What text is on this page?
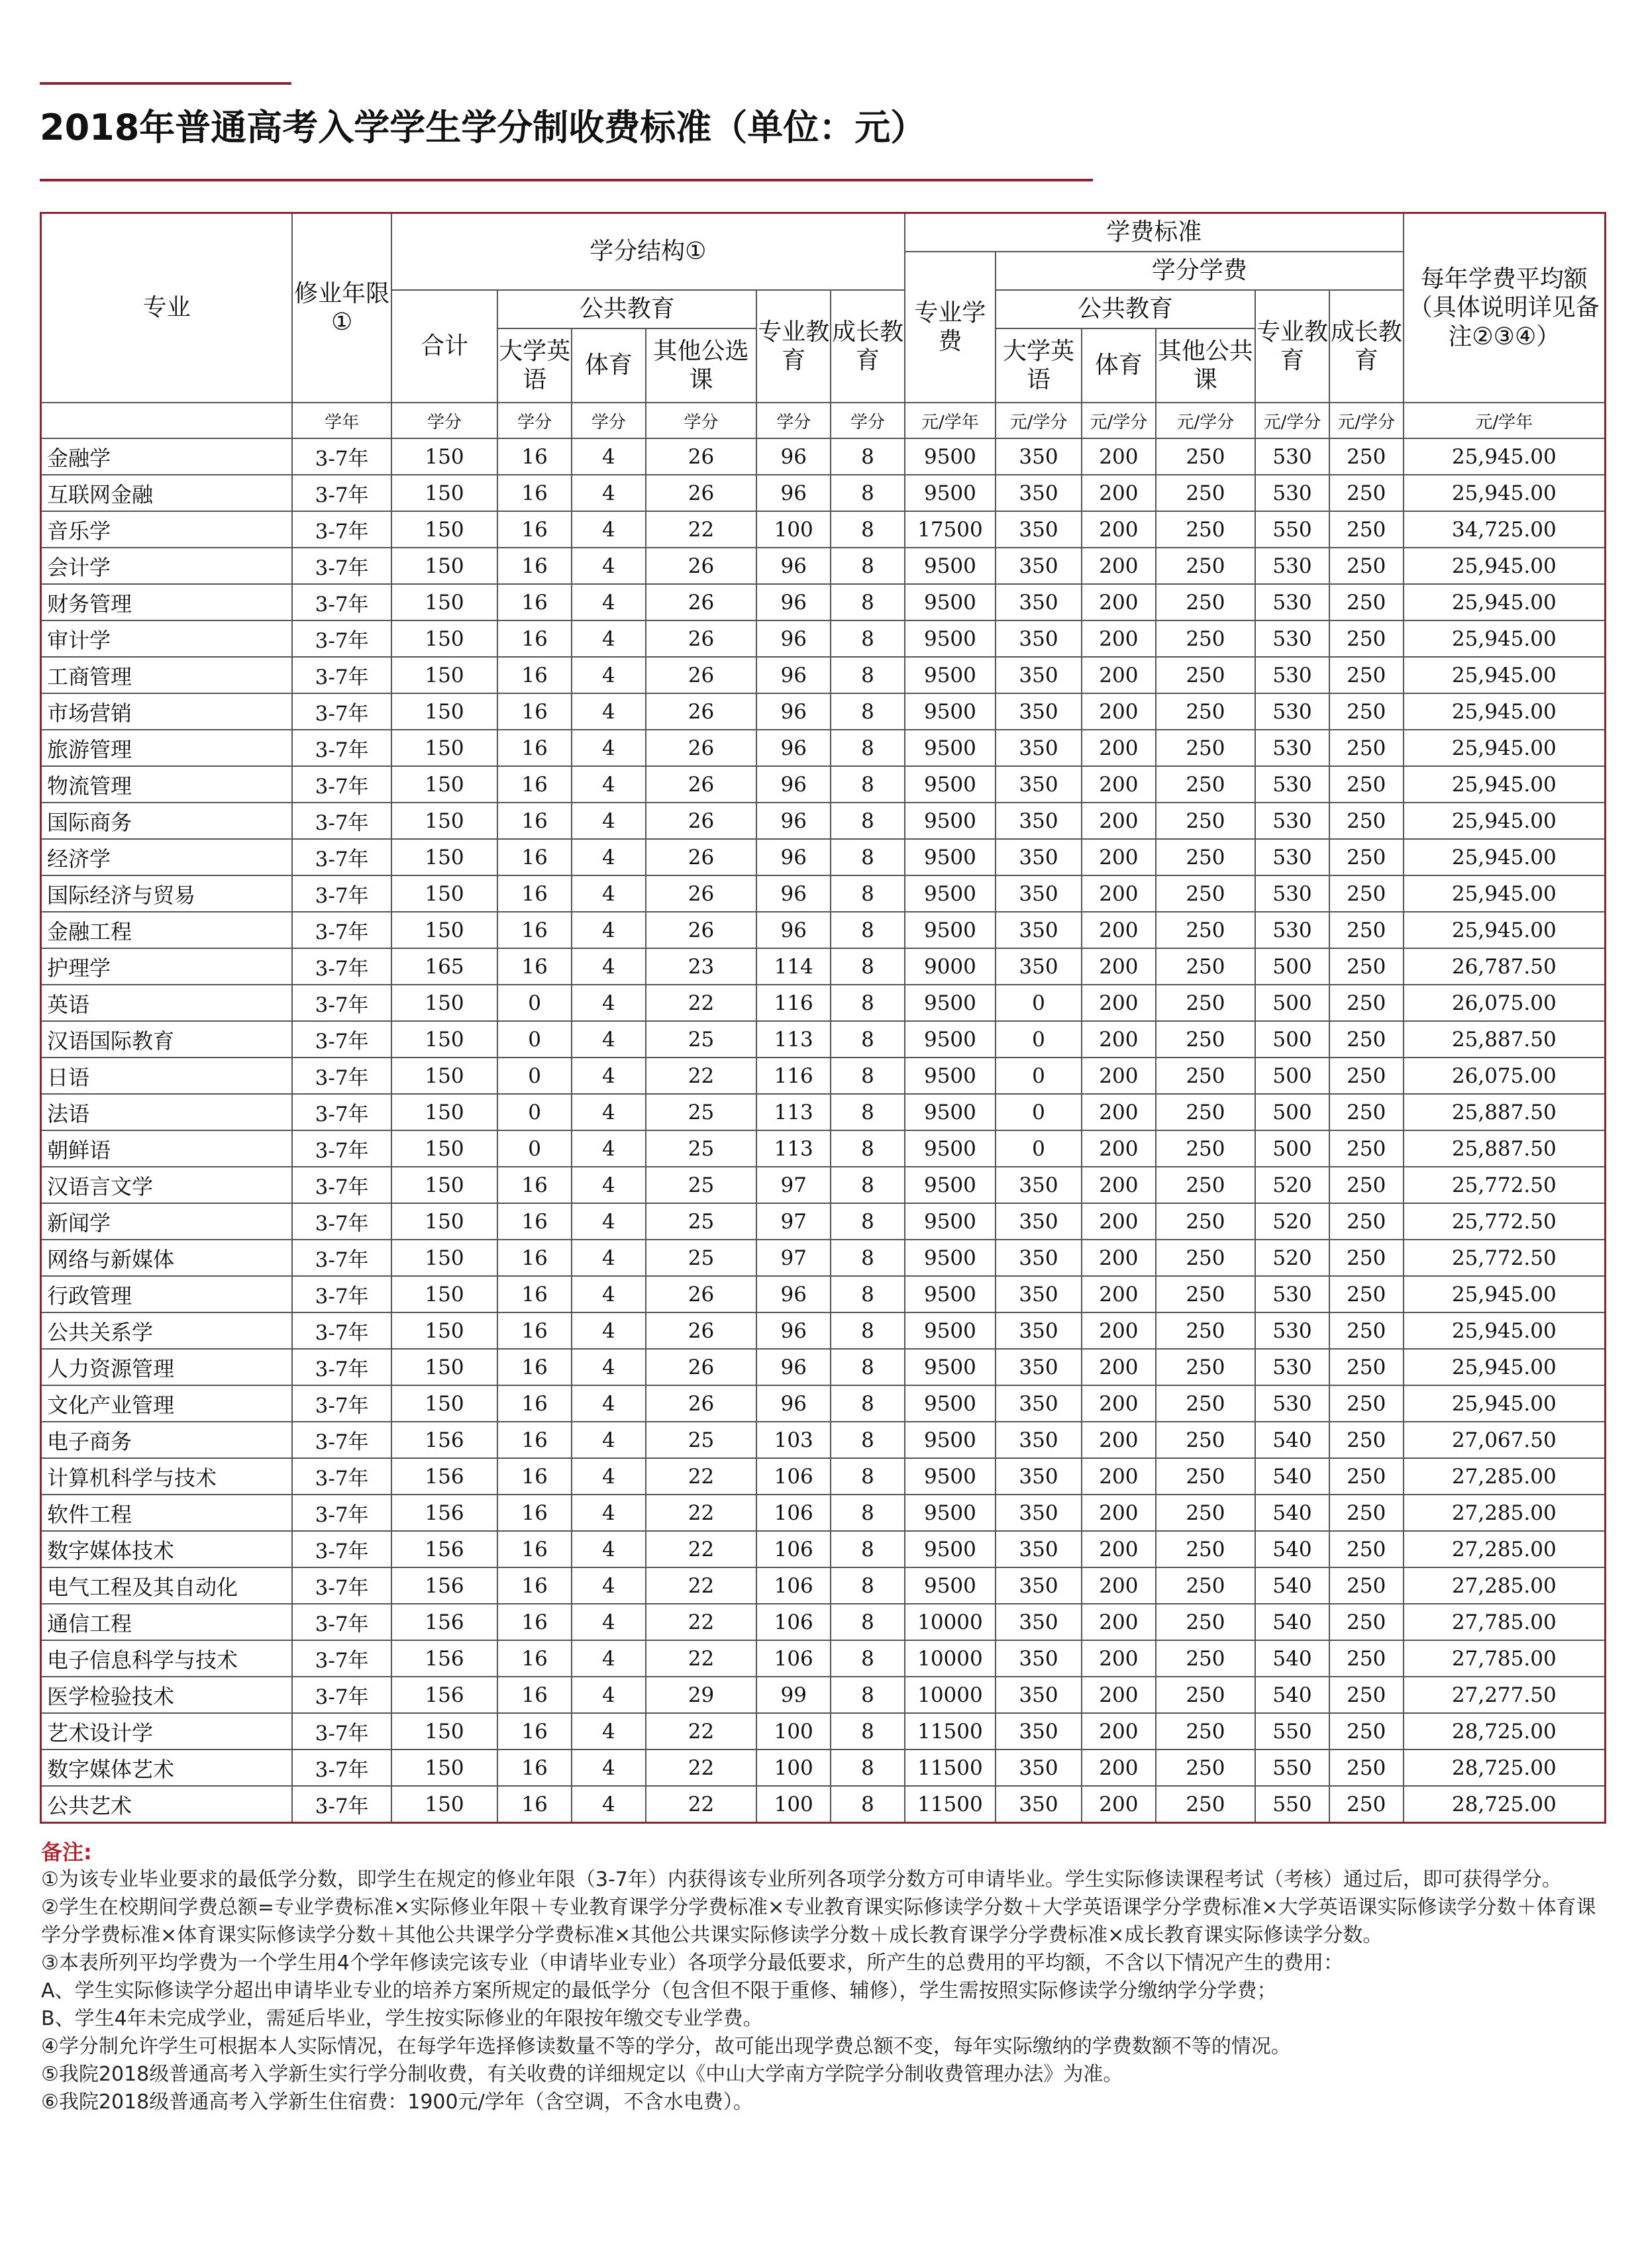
2018年普通高考入学学生学分制收费标准（单位：元）
专业	修业年限①	学分结构①						学费标准						每年学费平均额（具体说明详见备注②③④）
								专业学费	学分学费					
		合计	公共教育			专业教育	成长教育		公共教育			专业教育	成长教育	
			大学英语	体育	其他公选课				大学英语	体育	其他公共课			
	学年	学分	学分	学分	学分	学分	学分	元/学年	元/学分	元/学分	元/学分	元/学分	元/学分	元/学年
金融学	3-7年	150	16	4	26	96	8	9500	350	200	250	530	250	25,945.00
互联网金融	3-7年	150	16	4	26	96	8	9500	350	200	250	530	250	25,945.00
音乐学	3-7年	150	16	4	22	100	8	17500	350	200	250	550	250	34,725.00
会计学	3-7年	150	16	4	26	96	8	9500	350	200	250	530	250	25,945.00
财务管理	3-7年	150	16	4	26	96	8	9500	350	200	250	530	250	25,945.00
审计学	3-7年	150	16	4	26	96	8	9500	350	200	250	530	250	25,945.00
工商管理	3-7年	150	16	4	26	96	8	9500	350	200	250	530	250	25,945.00
市场营销	3-7年	150	16	4	26	96	8	9500	350	200	250	530	250	25,945.00
旅游管理	3-7年	150	16	4	26	96	8	9500	350	200	250	530	250	25,945.00
物流管理	3-7年	150	16	4	26	96	8	9500	350	200	250	530	250	25,945.00
国际商务	3-7年	150	16	4	26	96	8	9500	350	200	250	530	250	25,945.00
经济学	3-7年	150	16	4	26	96	8	9500	350	200	250	530	250	25,945.00
国际经济与贸易	3-7年	150	16	4	26	96	8	9500	350	200	250	530	250	25,945.00
金融工程	3-7年	150	16	4	26	96	8	9500	350	200	250	530	250	25,945.00
护理学	3-7年	165	16	4	23	114	8	9000	350	200	250	500	250	26,787.50
英语	3-7年	150	0	4	22	116	8	9500	0	200	250	500	250	26,075.00
汉语国际教育	3-7年	150	0	4	25	113	8	9500	0	200	250	500	250	25,887.50
日语	3-7年	150	0	4	22	116	8	9500	0	200	250	500	250	26,075.00
法语	3-7年	150	0	4	25	113	8	9500	0	200	250	500	250	25,887.50
朝鲜语	3-7年	150	0	4	25	113	8	9500	0	200	250	500	250	25,887.50
汉语言文学	3-7年	150	16	4	25	97	8	9500	350	200	250	520	250	25,772.50
新闻学	3-7年	150	16	4	25	97	8	9500	350	200	250	520	250	25,772.50
网络与新媒体	3-7年	150	16	4	25	97	8	9500	350	200	250	520	250	25,772.50
行政管理	3-7年	150	16	4	26	96	8	9500	350	200	250	530	250	25,945.00
公共关系学	3-7年	150	16	4	26	96	8	9500	350	200	250	530	250	25,945.00
人力资源管理	3-7年	150	16	4	26	96	8	9500	350	200	250	530	250	25,945.00
文化产业管理	3-7年	150	16	4	26	96	8	9500	350	200	250	530	250	25,945.00
电子商务	3-7年	156	16	4	25	103	8	9500	350	200	250	540	250	27,067.50
计算机科学与技术	3-7年	156	16	4	22	106	8	9500	350	200	250	540	250	27,285.00
软件工程	3-7年	156	16	4	22	106	8	9500	350	200	250	540	250	27,285.00
数字媒体技术	3-7年	156	16	4	22	106	8	9500	350	200	250	540	250	27,285.00
电气工程及其自动化	3-7年	156	16	4	22	106	8	9500	350	200	250	540	250	27,285.00
通信工程	3-7年	156	16	4	22	106	8	10000	350	200	250	540	250	27,785.00
电子信息科学与技术	3-7年	156	16	4	22	106	8	10000	350	200	250	540	250	27,785.00
医学检验技术	3-7年	156	16	4	29	99	8	10000	350	200	250	540	250	27,277.50
艺术设计学	3-7年	150	16	4	22	100	8	11500	350	200	250	550	250	28,725.00
数字媒体艺术	3-7年	150	16	4	22	100	8	11500	350	200	250	550	250	28,725.00
公共艺术	3-7年	150	16	4	22	100	8	11500	350	200	250	550	250	28,725.00
备注:

①为该专业毕业要求的最低学分数，即学生在规定的修业年限（3-7年）内获得该专业所列各项学分数方可申请毕业。学生实际修读课程考试（考核）通过后，即可获得学分。

②学生在校期间学费总额=专业学费标准×实际修业年限＋专业教育课学分学费标准×专业教育课实际修读学分数＋大学英语课学分学费标准×大学英语课实际修读学分数＋体育课学分学费标准×体育课实际修读学分数＋其他公共课学分学费标准×其他公共课实际修读学分数＋成长教育课学分学费标准×成长教育课实际修读学分数。

③本表所列平均学费为一个学生用4个学年修读完该专业（申请毕业专业）各项学分最低要求，所产生的总费用的平均额，不含以下情况产生的费用：

A、学生实际修读学分超出申请毕业专业的培养方案所规定的最低学分（包含但不限于重修、辅修），学生需按照实际修读学分缴纳学分学费；

B、学生4年未完成学业，需延后毕业，学生按实际修业的年限按年缴交专业学费。

④学分制允许学生可根据本人实际情况，在每学年选择修读数量不等的学分，故可能出现学费总额不变，每年实际缴纳的学费数额不等的情况。

⑤我院2018级普通高考入学新生实行学分制收费，有关收费的详细规定以《中山大学南方学院学分制收费管理办法》为准。

⑥我院2018级普通高考入学新生住宿费：1900元/学年（含空调，不含水电费）。
